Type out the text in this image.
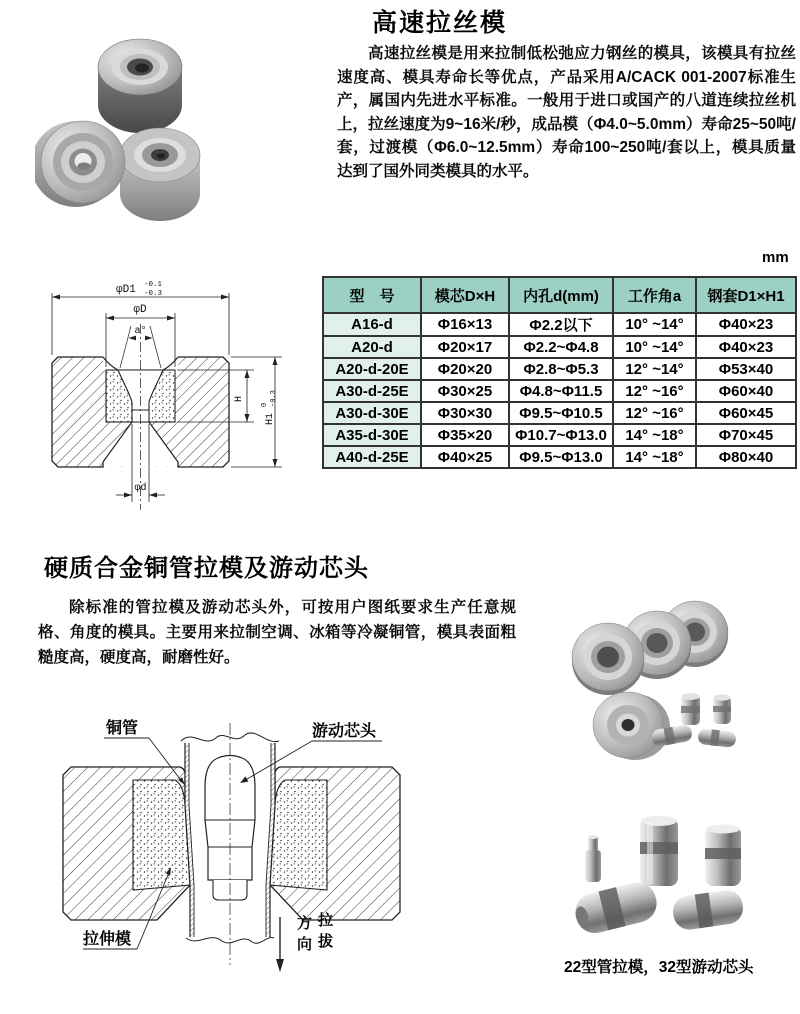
高速拉丝模

高速拉丝模是用来拉制低松弛应力钢丝的模具，该模具有拉丝速度高、模具寿命长等优点，产品采用A/CACK 001-2007标准生产，属国内先进水平标准。一般用于进口或国产的八道连续拉丝机上，拉丝速度为9~16米/秒，成品模（Φ4.0~5.0mm）寿命25~50吨/套，过渡模（Φ6.0~12.5mm）寿命100~250吨/套以上，模具质量达到了国外同类模具的水平。

mm
型　号	模芯D×H	内孔d(mm)	工作角a	钢套D1×H1
A16-d	Φ16×13	Φ2.2以下	10° ~14°	Φ40×23
A20-d	Φ20×17	Φ2.2~Φ4.8	10° ~14°	Φ40×23
A20-d-20E	Φ20×20	Φ2.8~Φ5.3	12° ~14°	Φ53×40
A30-d-25E	Φ30×25	Φ4.8~Φ11.5	12° ~16°	Φ60×40
A30-d-30E	Φ30×30	Φ9.5~Φ10.5	12° ~16°	Φ60×45
A35-d-30E	Φ35×20	Φ10.7~Φ13.0	14° ~18°	Φ70×45
A40-d-25E	Φ40×25	Φ9.5~Φ13.0	14° ~18°	Φ80×40
φD1 -0.1
-0.3
φD
a°
H
H1
0 -0.3
φd
硬质合金铜管拉模及游动芯头

除标准的管拉模及游动芯头外，可按用户图纸要求生产任意规格、角度的模具。主要用来拉制空调、冰箱等冷凝铜管，模具表面粗糙度高，硬度高，耐磨性好。

铜管	游动芯头
拉伸模
方向
拉拔
22型管拉模，32型游动芯头
